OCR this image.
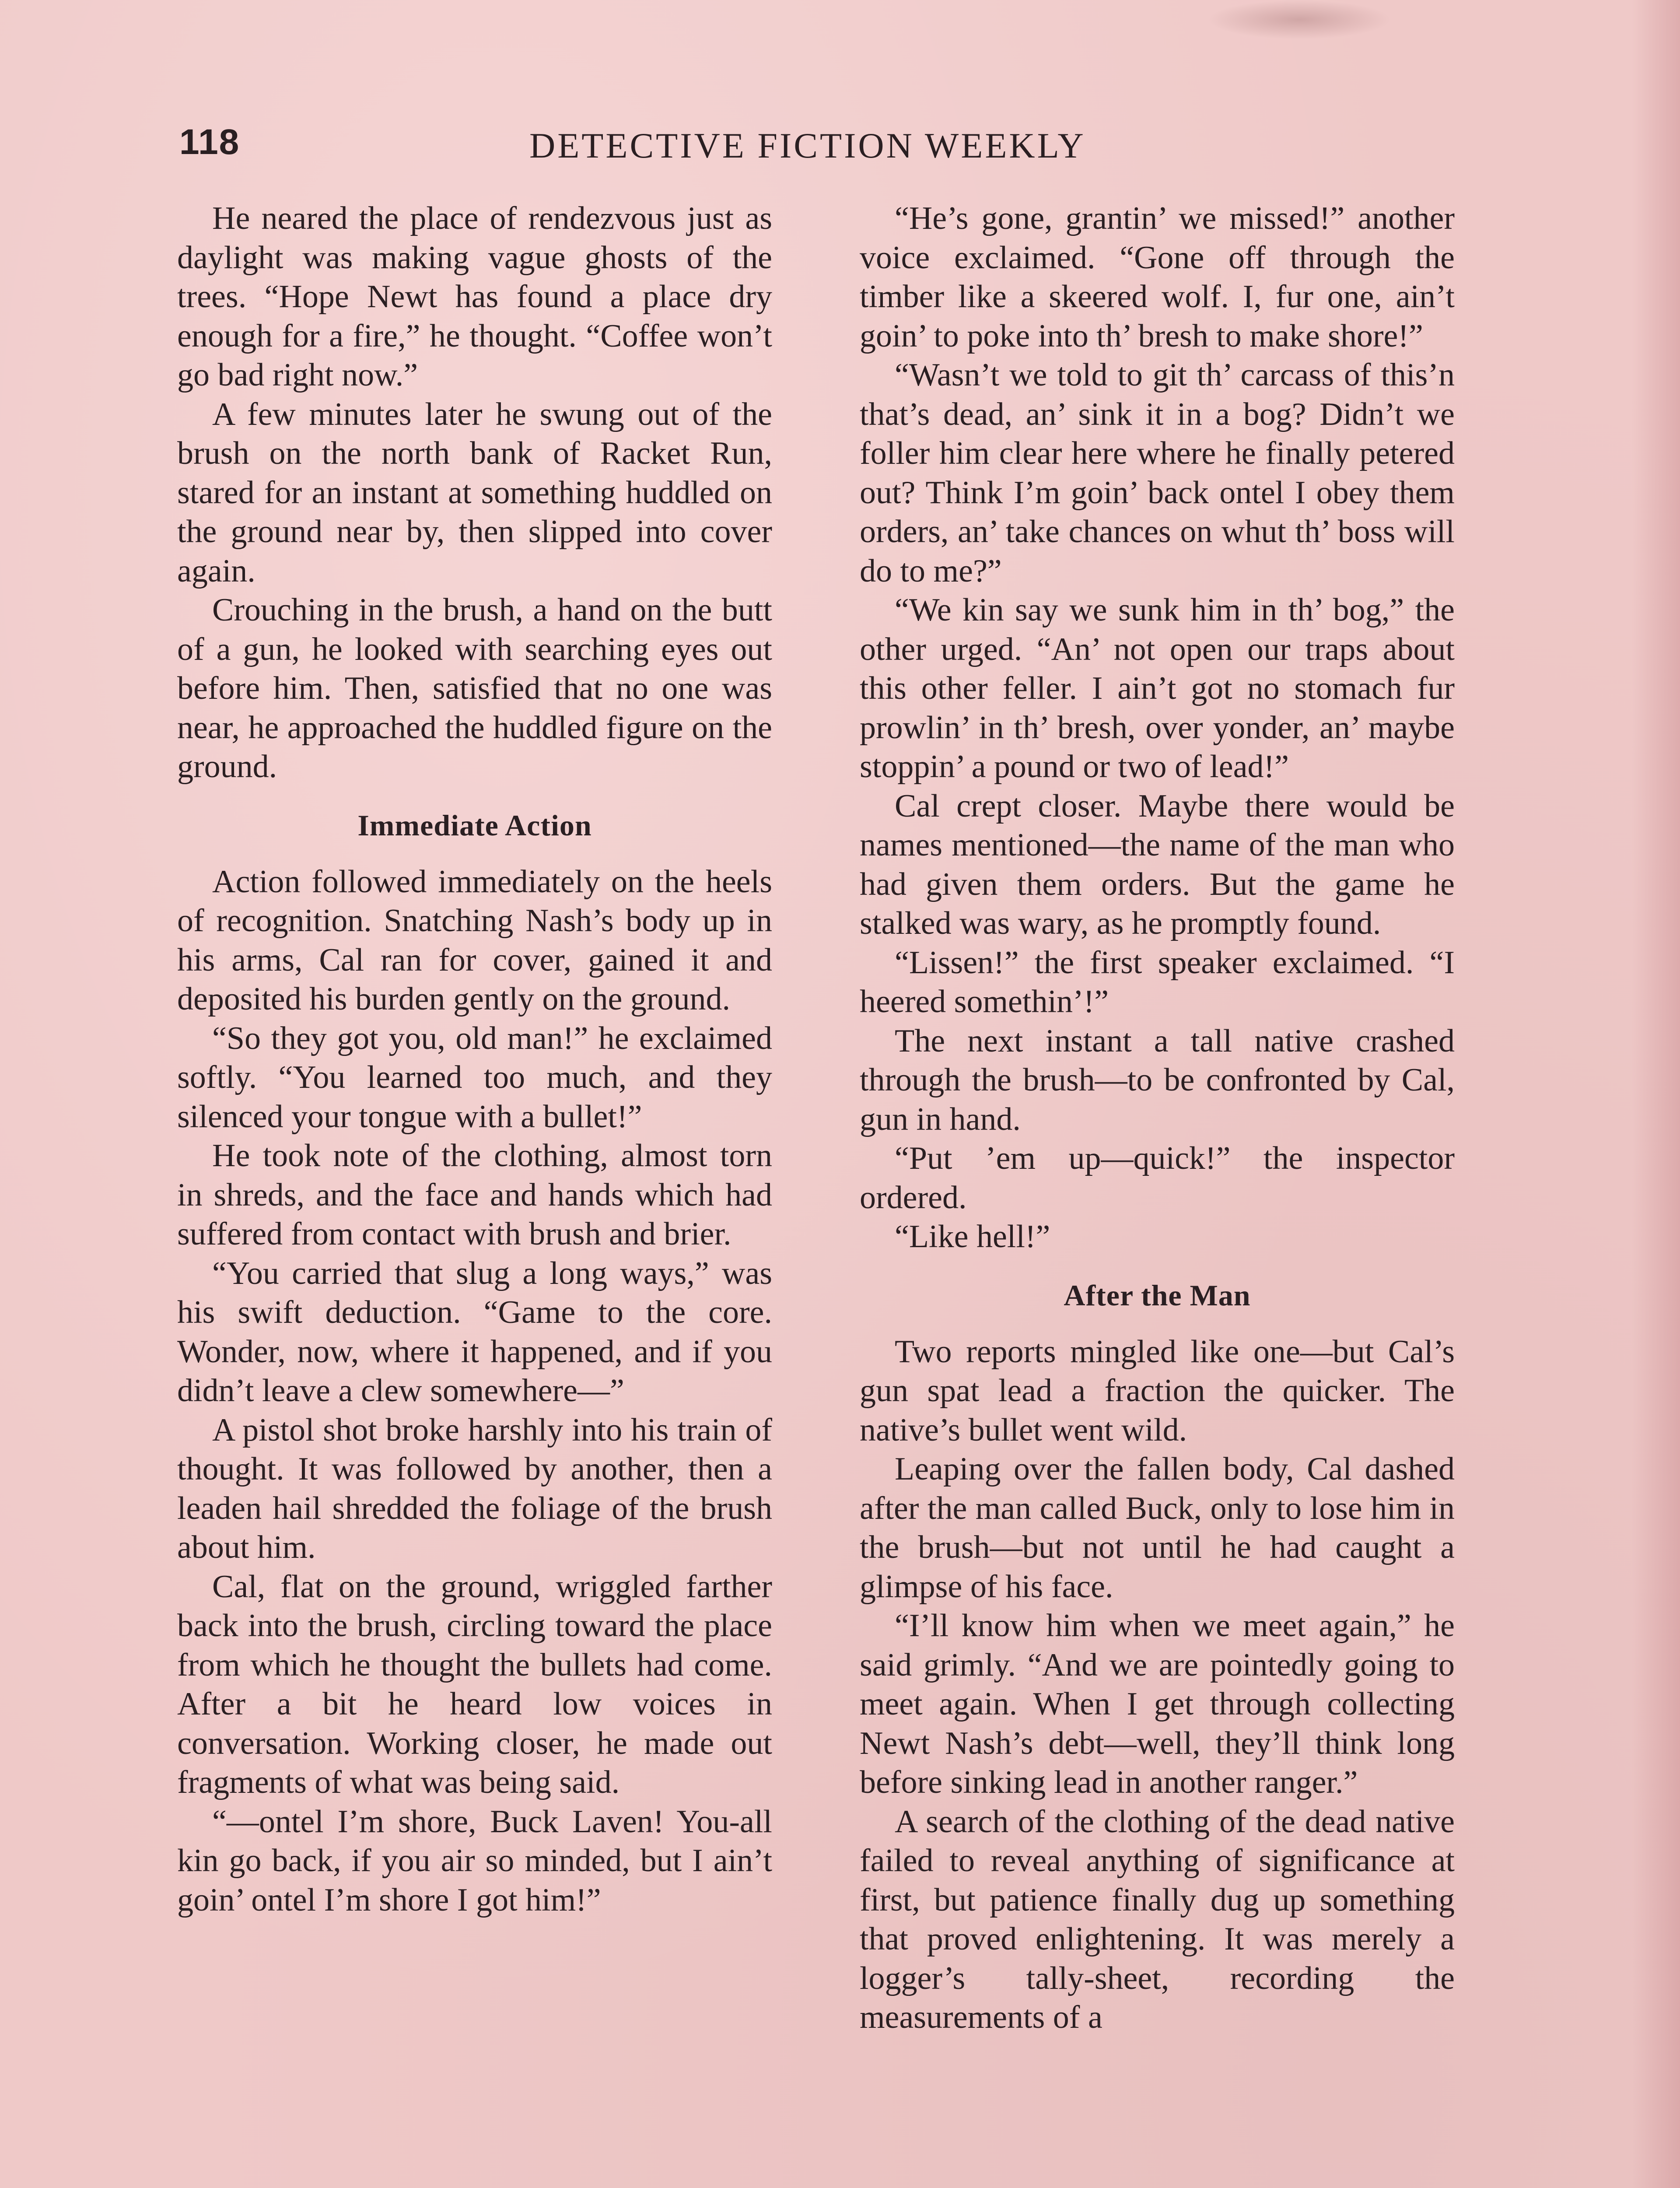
118	DETECTIVE FICTION WEEKLY

He neared the place of rendezvous just as daylight was making vague ghosts of the trees. “Hope Newt has found a place dry enough for a fire,” he thought. “Coffee won’t go bad right now.”

A few minutes later he swung out of the brush on the north bank of Racket Run, stared for an instant at something huddled on the ground near by, then slipped into cover again.

Crouching in the brush, a hand on the butt of a gun, he looked with searching eyes out before him. Then, satisfied that no one was near, he approached the huddled figure on the ground.

Immediate Action

Action followed immediately on the heels of recognition. Snatching Nash’s body up in his arms, Cal ran for cover, gained it and deposited his burden gently on the ground.

“So they got you, old man!” he exclaimed softly. “You learned too much, and they silenced your tongue with a bullet!”

He took note of the clothing, almost torn in shreds, and the face and hands which had suffered from contact with brush and brier.

“You carried that slug a long ways,” was his swift deduction. “Game to the core. Wonder, now, where it happened, and if you didn’t leave a clew somewhere—”

A pistol shot broke harshly into his train of thought. It was followed by another, then a leaden hail shredded the foliage of the brush about him.

Cal, flat on the ground, wriggled farther back into the brush, circling toward the place from which he thought the bullets had come. After a bit he heard low voices in conversation. Working closer, he made out fragments of what was being said.

“—ontel I’m shore, Buck Laven! You-all kin go back, if you air so minded, but I ain’t goin’ ontel I’m shore I got him!”

“He’s gone, grantin’ we missed!” another voice exclaimed. “Gone off through the timber like a skeered wolf. I, fur one, ain’t goin’ to poke into th’ bresh to make shore!”

“Wasn’t we told to git th’ carcass of this’n that’s dead, an’ sink it in a bog? Didn’t we foller him clear here where he finally petered out? Think I’m goin’ back ontel I obey them orders, an’ take chances on whut th’ boss will do to me?”

“We kin say we sunk him in th’ bog,” the other urged. “An’ not open our traps about this other feller. I ain’t got no stomach fur prowlin’ in th’ bresh, over yonder, an’ maybe stoppin’ a pound or two of lead!”

Cal crept closer. Maybe there would be names mentioned—the name of the man who had given them orders. But the game he stalked was wary, as he promptly found.

“Lissen!” the first speaker exclaimed. “I heered somethin’!”

The next instant a tall native crashed through the brush—to be confronted by Cal, gun in hand.

“Put ’em up—quick!” the inspector ordered.

“Like hell!”

After the Man

Two reports mingled like one—but Cal’s gun spat lead a fraction the quicker. The native’s bullet went wild.

Leaping over the fallen body, Cal dashed after the man called Buck, only to lose him in the brush—but not until he had caught a glimpse of his face.

“I’ll know him when we meet again,” he said grimly. “And we are pointedly going to meet again. When I get through collecting Newt Nash’s debt—well, they’ll think long before sinking lead in another ranger.”

A search of the clothing of the dead native failed to reveal anything of significance at first, but patience finally dug up something that proved enlightening. It was merely a logger’s tally-sheet, recording the measurements of a
